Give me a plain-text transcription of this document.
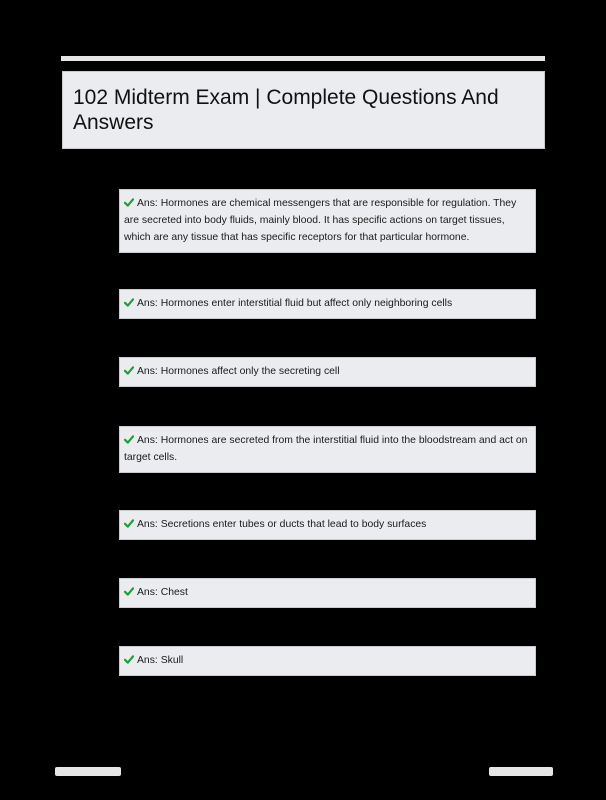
102 Midterm Exam | Complete Questions And Answers
Ans: Hormones are chemical messengers that are responsible for regulation. They are secreted into body fluids, mainly blood. It has specific actions on target tissues, which are any tissue that has specific receptors for that particular hormone.
Ans: Hormones enter interstitial fluid but affect only neighboring cells
Ans: Hormones affect only the secreting cell
Ans: Hormones are secreted from the interstitial fluid into the bloodstream and act on target cells.
Ans: Secretions enter tubes or ducts that lead to body surfaces
Ans: Chest
Ans: Skull
